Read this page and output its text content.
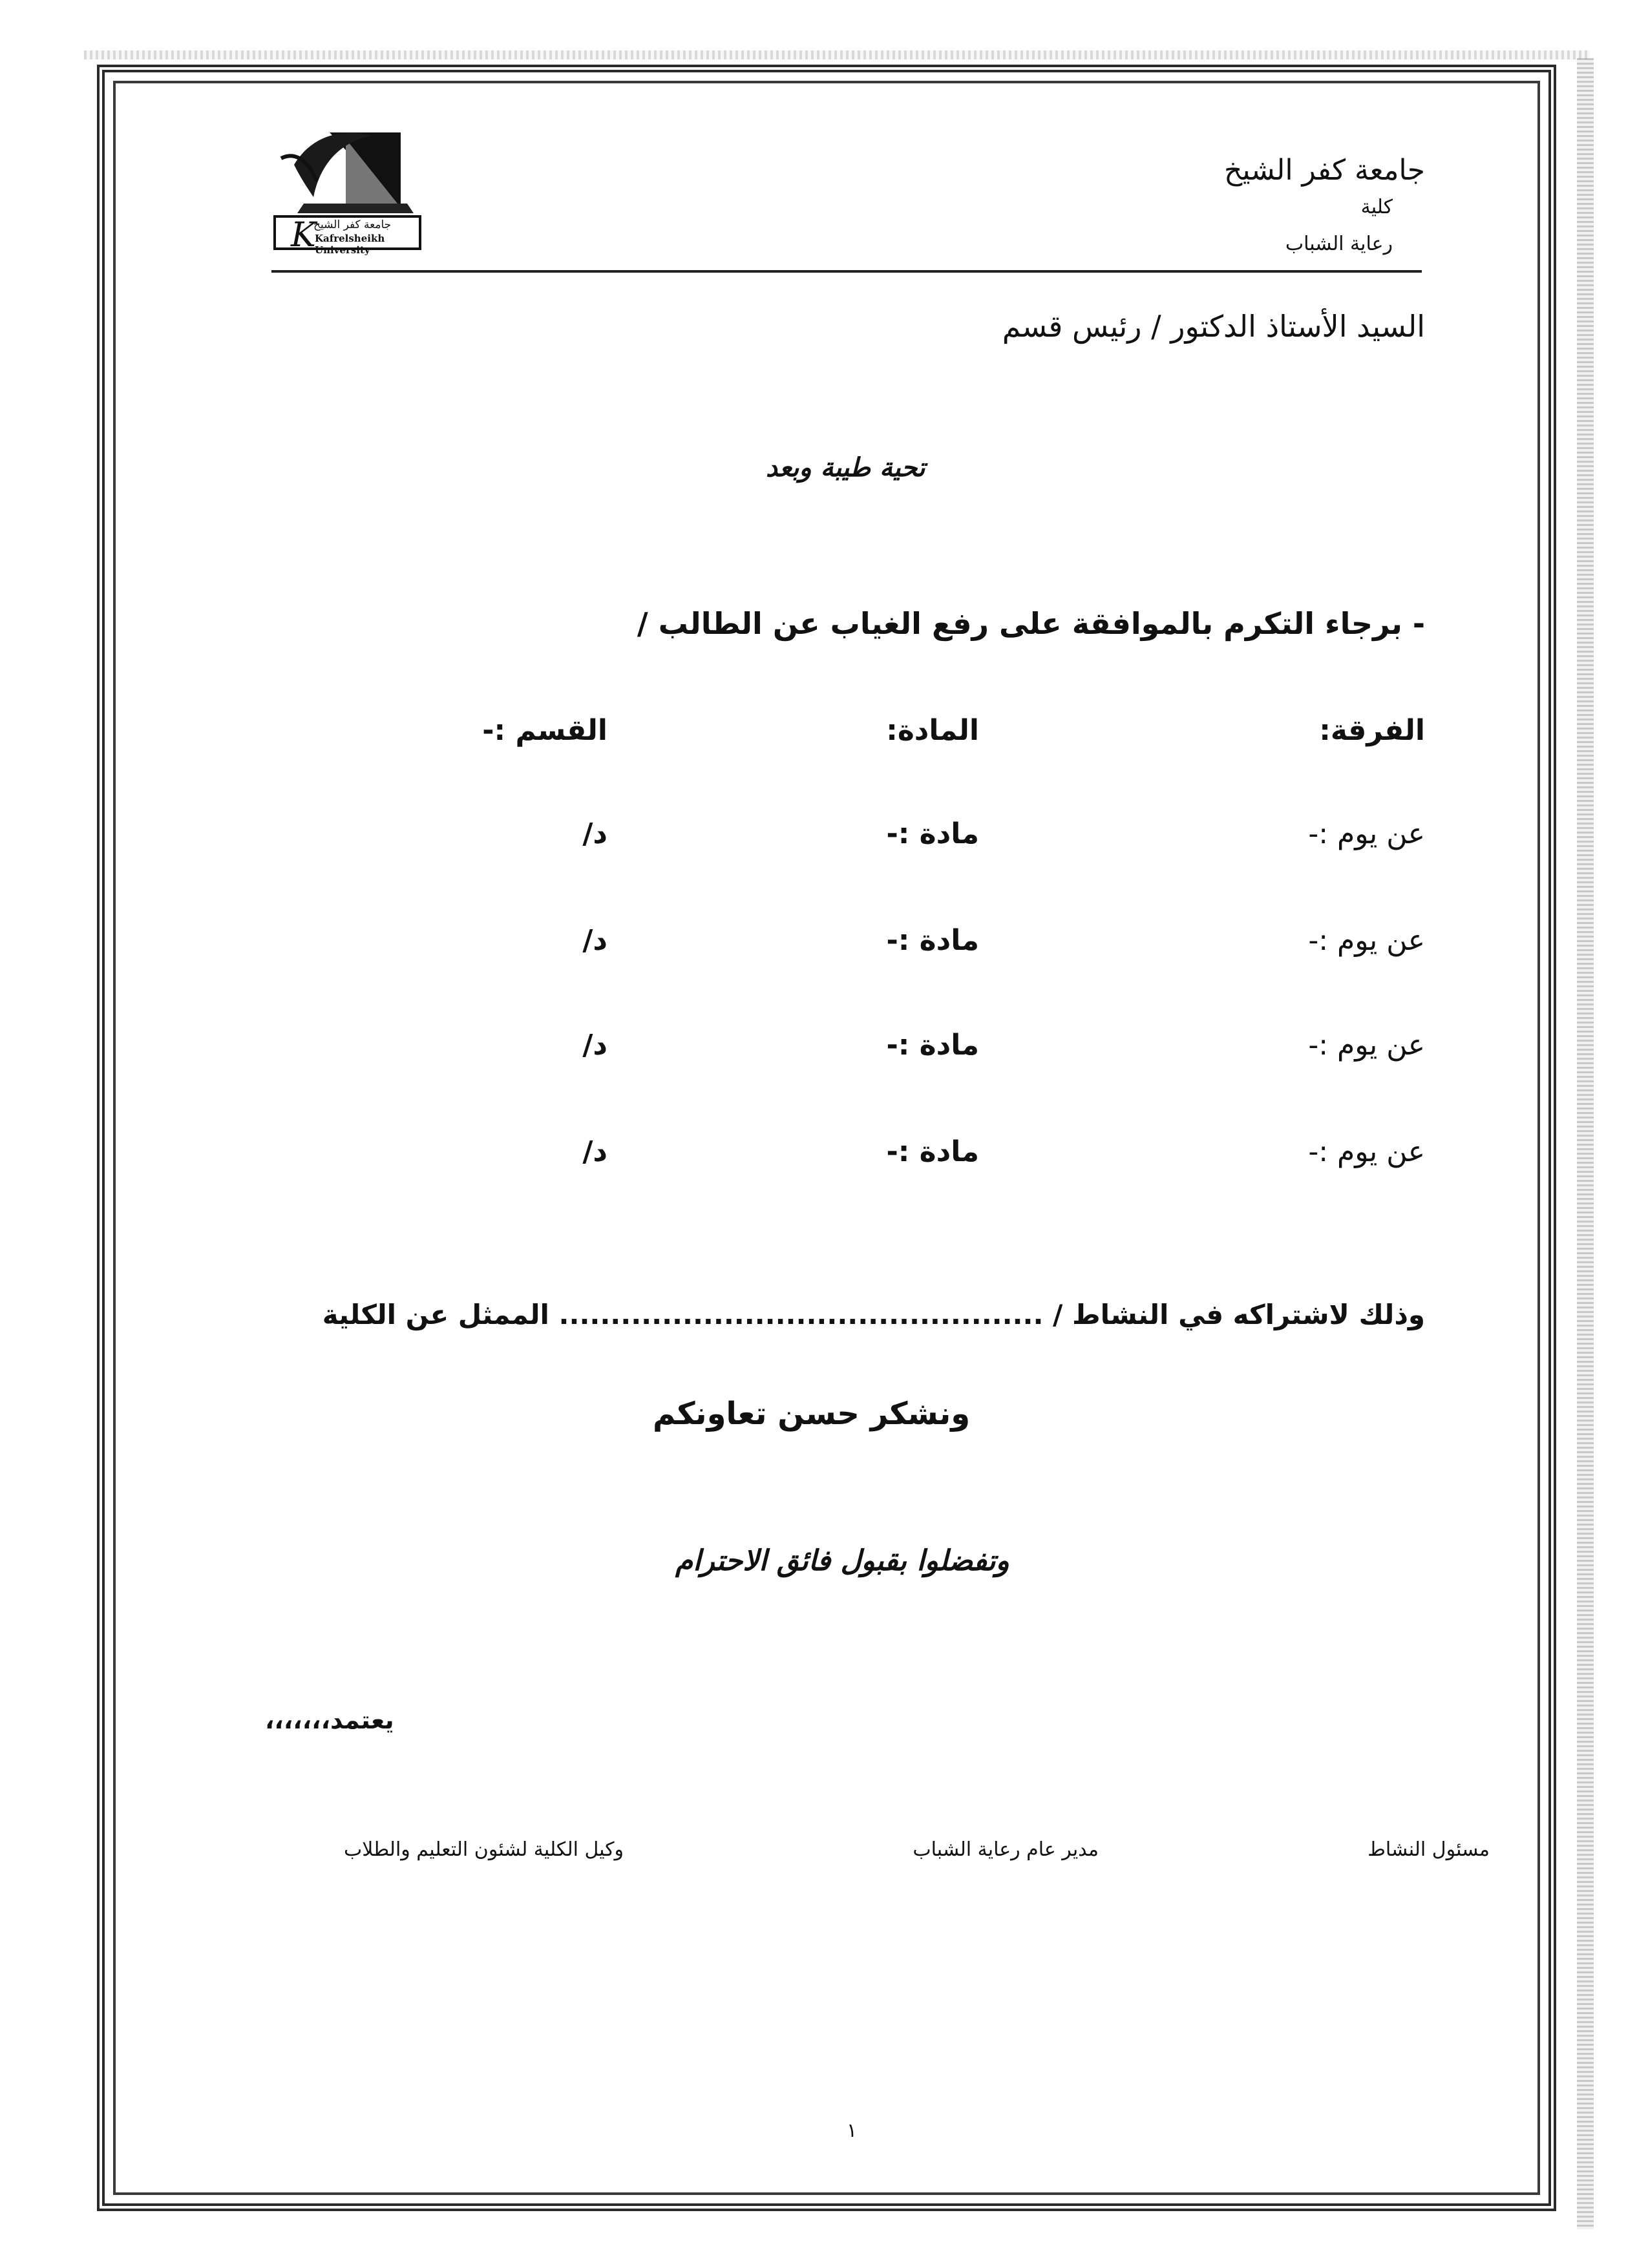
جامعة كفر الشيخ
كلية
رعاية الشباب
K
جامعة كفر الشيخ
Kafrelsheikh University
السيد الأستاذ الدكتور / رئيس قسم
تحية طيبة وبعد
- برجاء التكرم بالموافقة على رفع الغياب عن الطالب /
الفرقة:
المادة:
القسم :-
عن يوم :-
مادة :-
د/
عن يوم :-
مادة :-
د/
عن يوم :-
مادة :-
د/
عن يوم :-
مادة :-
د/
وذلك لاشتراكه في النشاط / ............................................... الممثل عن الكلية
ونشكر حسن تعاونكم
وتفضلوا بقبول فائق الاحترام
يعتمد،،،،،،،
مسئول النشاط
مدير عام رعاية الشباب
وكيل الكلية لشئون التعليم والطلاب
١
